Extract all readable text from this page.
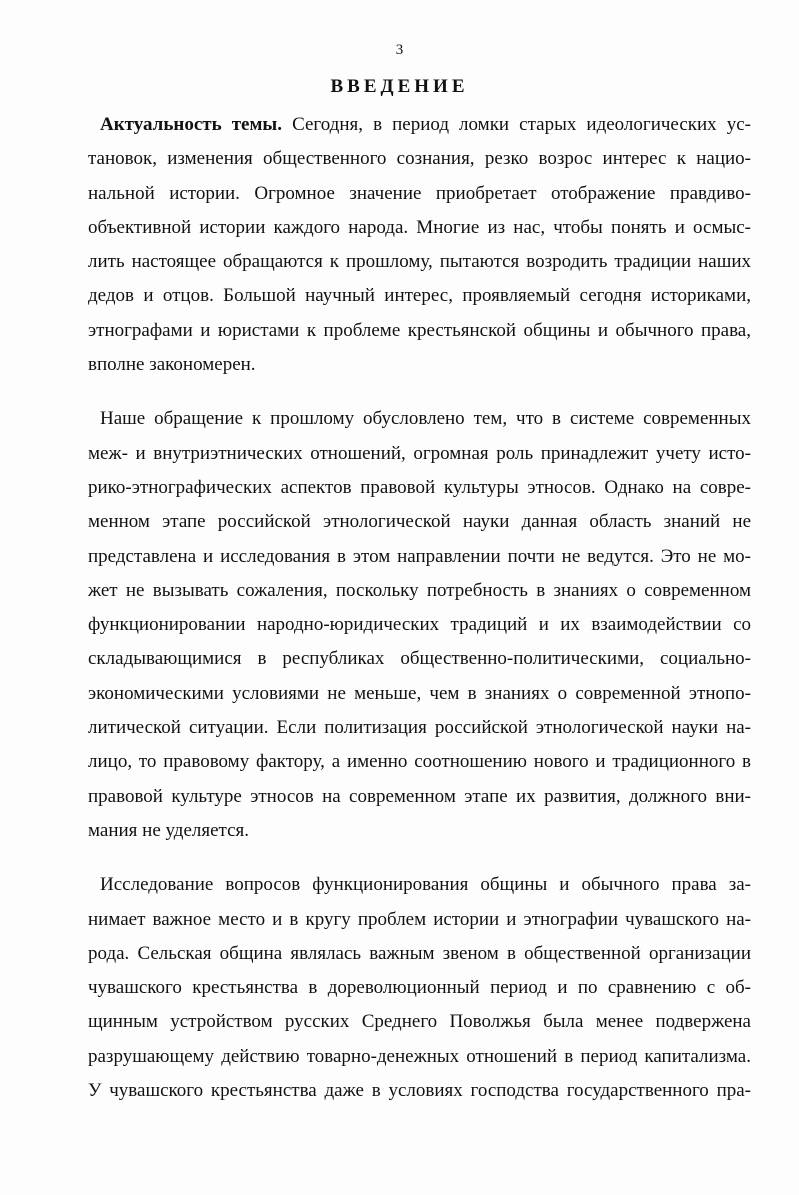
3
ВВЕДЕНИЕ

Актуальность темы. Сегодня, в период ломки старых идеологических ус-
тановок, изменения общественного сознания, резко возрос интерес к нацио-
нальной истории. Огромное значение приобретает отображение правдиво-
объективной истории каждого народа. Многие из нас, чтобы понять и осмыс-
лить настоящее обращаются к прошлому, пытаются возродить традиции наших
дедов и отцов. Большой научный интерес, проявляемый сегодня историками,
этнографами и юристами к проблеме крестьянской общины и обычного права,
вполне закономерен.

Наше обращение к прошлому обусловлено тем, что в системе современных
меж- и внутриэтнических отношений, огромная роль принадлежит учету исто-
рико-этнографических аспектов правовой культуры этносов. Однако на совре-
менном этапе российской этнологической науки данная область знаний не
представлена и исследования в этом направлении почти не ведутся. Это не мо-
жет не вызывать сожаления, поскольку потребность в знаниях о современном
функционировании народно-юридических традиций и их взаимодействии со
складывающимися в республиках общественно-политическими, социально-
экономическими условиями не меньше, чем в знаниях о современной этнопо-
литической ситуации. Если политизация российской этнологической науки на-
лицо, то правовому фактору, а именно соотношению нового и традиционного в
правовой культуре этносов на современном этапе их развития, должного вни-
мания не уделяется.

Исследование вопросов функционирования общины и обычного права за-
нимает важное место и в кругу проблем истории и этнографии чувашского на-
рода. Сельская община являлась важным звеном в общественной организации
чувашского крестьянства в дореволюционный период и по сравнению с об-
щинным устройством русских Среднего Поволжья была менее подвержена
разрушающему действию товарно-денежных отношений в период капитализма.
У чувашского крестьянства даже в условиях господства государственного пра-
